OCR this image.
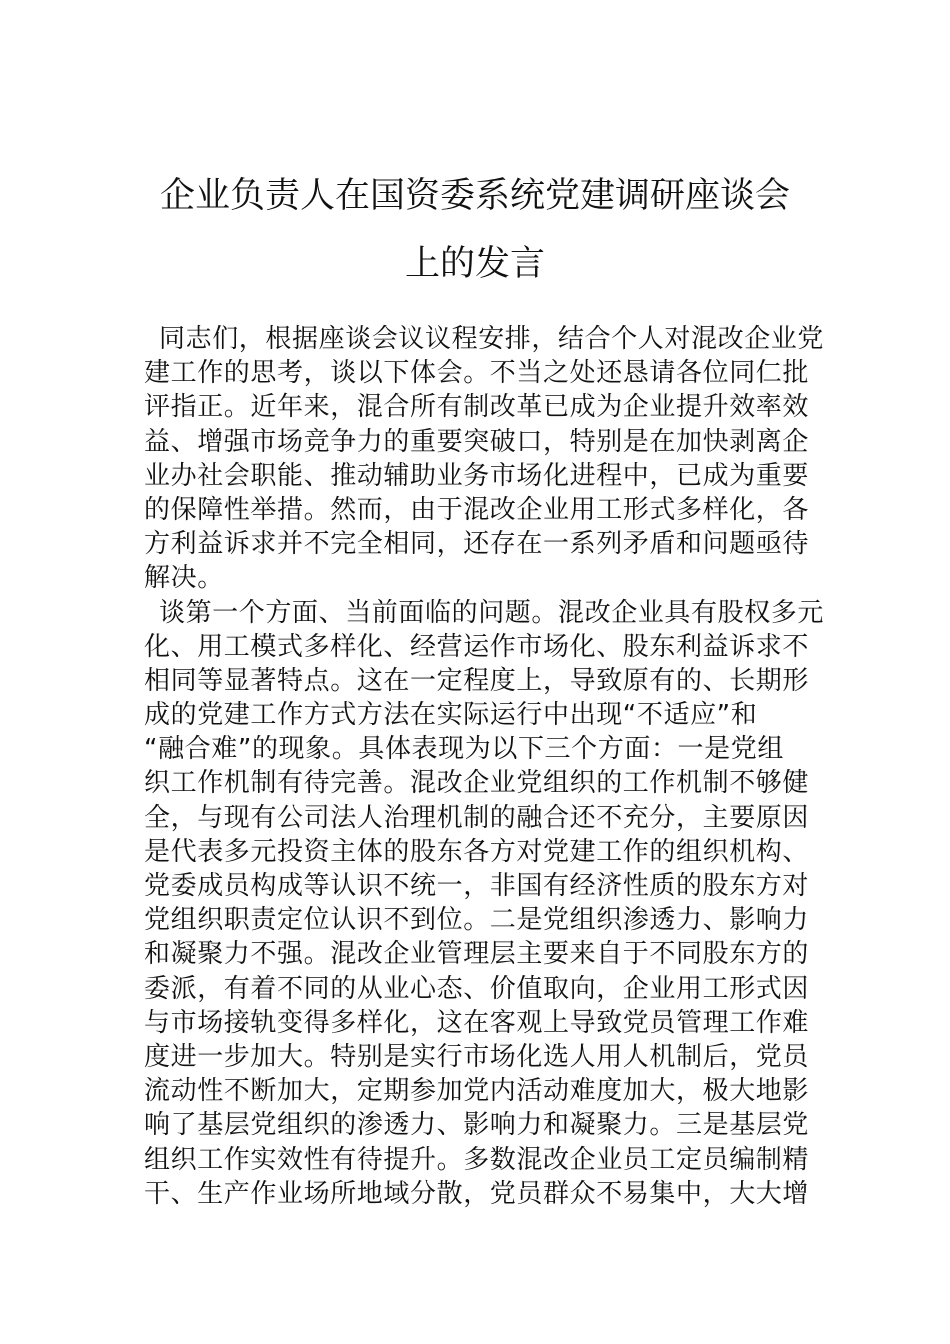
企业负责人在国资委系统党建调研座谈会
上的发言
同志们，根据座谈会议议程安排，结合个人对混改企业党
建工作的思考，谈以下体会。不当之处还恳请各位同仁批
评指正。近年来，混合所有制改革已成为企业提升效率效
益、增强市场竞争力的重要突破口，特别是在加快剥离企
业办社会职能、推动辅助业务市场化进程中，已成为重要
的保障性举措。然而，由于混改企业用工形式多样化，各
方利益诉求并不完全相同，还存在一系列矛盾和问题亟待
解决。
谈第一个方面、当前面临的问题。混改企业具有股权多元
化、用工模式多样化、经营运作市场化、股东利益诉求不
相同等显著特点。这在一定程度上，导致原有的、长期形
成的党建工作方式方法在实际运行中出现“不适应”和
“融合难”的现象。具体表现为以下三个方面：一是党组
织工作机制有待完善。混改企业党组织的工作机制不够健
全，与现有公司法人治理机制的融合还不充分，主要原因
是代表多元投资主体的股东各方对党建工作的组织机构、
党委成员构成等认识不统一，非国有经济性质的股东方对
党组织职责定位认识不到位。二是党组织渗透力、影响力
和凝聚力不强。混改企业管理层主要来自于不同股东方的
委派，有着不同的从业心态、价值取向，企业用工形式因
与市场接轨变得多样化，这在客观上导致党员管理工作难
度进一步加大。特别是实行市场化选人用人机制后，党员
流动性不断加大，定期参加党内活动难度加大，极大地影
响了基层党组织的渗透力、影响力和凝聚力。三是基层党
组织工作实效性有待提升。多数混改企业员工定员编制精
干、生产作业场所地域分散，党员群众不易集中，大大增
